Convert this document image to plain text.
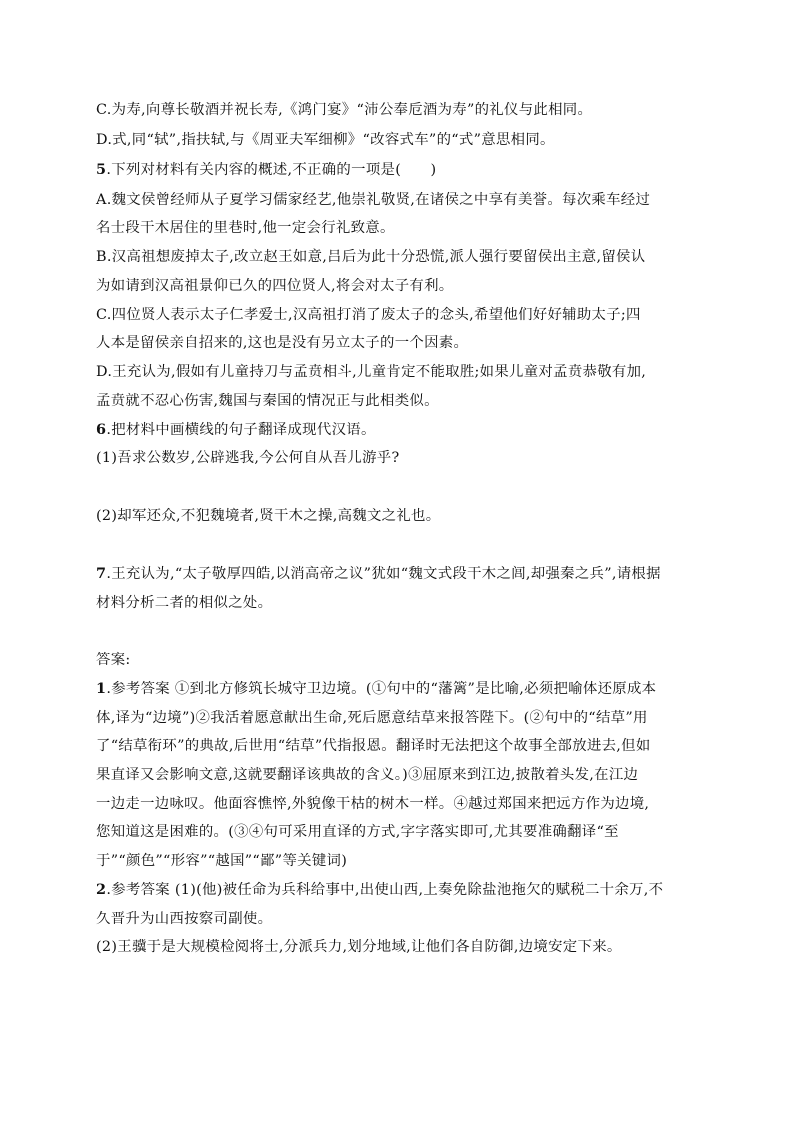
C.为寿,向尊长敬酒并祝长寿,《鸿门宴》“沛公奉卮酒为寿”的礼仪与此相同。
D.式,同“轼”,指扶轼,与《周亚夫军细柳》“改容式车”的“式”意思相同。
5.下列对材料有关内容的概述,不正确的一项是(　　)
A.魏文侯曾经师从子夏学习儒家经艺,他崇礼敬贤,在诸侯之中享有美誉。每次乘车经过
名士段干木居住的里巷时,他一定会行礼致意。
B.汉高祖想废掉太子,改立赵王如意,吕后为此十分恐慌,派人强行要留侯出主意,留侯认
为如请到汉高祖景仰已久的四位贤人,将会对太子有利。
C.四位贤人表示太子仁孝爱士,汉高祖打消了废太子的念头,希望他们好好辅助太子;四
人本是留侯亲自招来的,这也是没有另立太子的一个因素。
D.王充认为,假如有儿童持刀与孟贲相斗,儿童肯定不能取胜;如果儿童对孟贲恭敬有加,
孟贲就不忍心伤害,魏国与秦国的情况正与此相类似。
6.把材料中画横线的句子翻译成现代汉语。
(1)吾求公数岁,公辟逃我,今公何自从吾儿游乎?
(2)却军还众,不犯魏境者,贤干木之操,高魏文之礼也。
7.王充认为,“太子敬厚四皓,以消高帝之议”犹如“魏文式段干木之闾,却强秦之兵”,请根据
材料分析二者的相似之处。
答案:
1.参考答案 ①到北方修筑长城守卫边境。(①句中的“藩篱”是比喻,必须把喻体还原成本
体,译为“边境”)②我活着愿意献出生命,死后愿意结草来报答陛下。(②句中的“结草”用
了“结草衔环”的典故,后世用“结草”代指报恩。翻译时无法把这个故事全部放进去,但如
果直译又会影响文意,这就要翻译该典故的含义。)③屈原来到江边,披散着头发,在江边
一边走一边咏叹。他面容憔悴,外貌像干枯的树木一样。④越过郑国来把远方作为边境,
您知道这是困难的。(③④句可采用直译的方式,字字落实即可,尤其要准确翻译“至
于”“颜色”“形容”“越国”“鄙”等关键词)
2.参考答案 (1)(他)被任命为兵科给事中,出使山西,上奏免除盐池拖欠的赋税二十余万,不
久晋升为山西按察司副使。
(2)王骥于是大规模检阅将士,分派兵力,划分地域,让他们各自防御,边境安定下来。
